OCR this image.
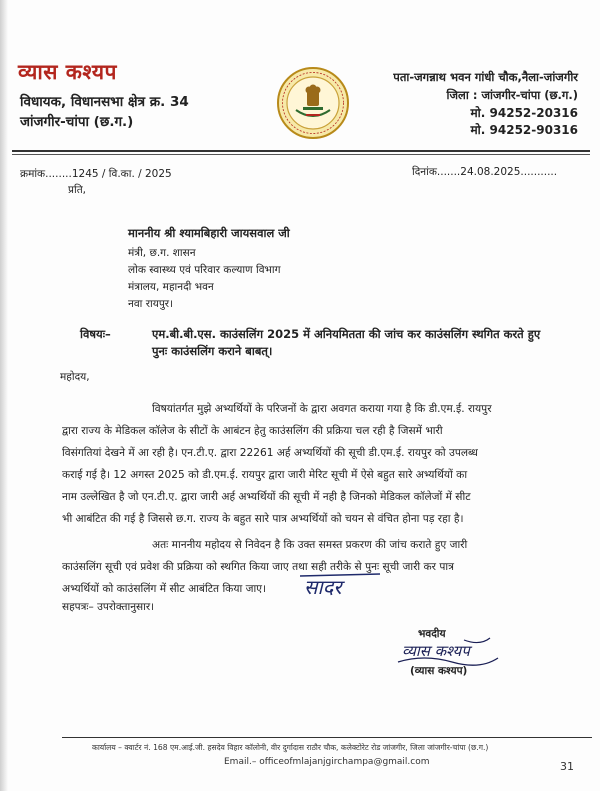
व्यास कश्यप
विधायक, विधानसभा क्षेत्र क्र. 34
जांजगीर-चांपा (छ.ग.)
पता-जगन्नाथ भवन गांधी चौक,नैला-जांजगीर
जिला : जांजगीर-चांपा (छ.ग.)
मो. 94252-20316
मो. 94252-90316
क्रमांक........1245 / वि.का. / 2025
प्रति,
दिनांक.......24.08.2025...........
माननीय श्री श्यामबिहारी जायसवाल जी
मंत्री, छ.ग. शासन
लोक स्वास्थ्य एवं परिवार कल्याण विभाग
मंत्रालय, महानदी भवन
नवा रायपुर।
विषयः–	एम.बी.बी.एस. काउंसलिंग 2025 में अनियमितता की जांच कर काउंसलिंग स्थगित करते हुए
पुनः काउंसलिंग कराने बाबत्।
महोदय,
विषयांतर्गत मुझे अभ्यर्थियों के परिजनों के द्वारा अवगत कराया गया है कि डी.एम.ई. रायपुर
द्वारा राज्य के मेडिकल कॉलेज के सीटों के आबंटन हेतु काउंसलिंग की प्रक्रिया चल रही है जिसमें भारी
विसंगतियां देखने में आ रही है। एन.टी.ए. द्वारा 22261 अर्ह अभ्यर्थियों की सूची डी.एम.ई. रायपुर को उपलब्ध
कराई गई है। 12 अगस्त 2025 को डी.एम.ई. रायपुर द्वारा जारी मेरिट सूची में ऐसे बहुत सारे अभ्यर्थियों का
नाम उल्लेखित है जो एन.टी.ए. द्वारा जारी अर्ह अभ्यर्थियों की सूची में नही है जिनको मेडिकल कॉलेजों में सीट
भी आबंटित की गई है जिससे छ.ग. राज्य के बहुत सारे पात्र अभ्यर्थियों को चयन से वंचित होना पड़ रहा है।
अतः माननीय महोदय से निवेदन है कि उक्त समस्त प्रकरण की जांच कराते हुए जारी
काउंसलिंग सूची एवं प्रवेश की प्रक्रिया को स्थगित किया जाए तथा सही तरीके से पुनः सूची जारी कर पात्र
अभ्यर्थियों को काउंसलिंग में सीट आबंटित किया जाए।	सादर
सहपत्रः– उपरोक्तानुसार।
भवदीय
व्यास कश्यप
(व्यास कश्यप)
कार्यालय – क्वार्टर नं. 168 एम.आई.जी. हसदेव विहार कॉलोनी, वीर दुर्गादास राठौर चौक, कलेक्टोरेट रोड जांजगीर, जिला जांजगीर-चांपा (छ.ग.)
Email.– officeofmlajanjgirchampa@gmail.com	31
